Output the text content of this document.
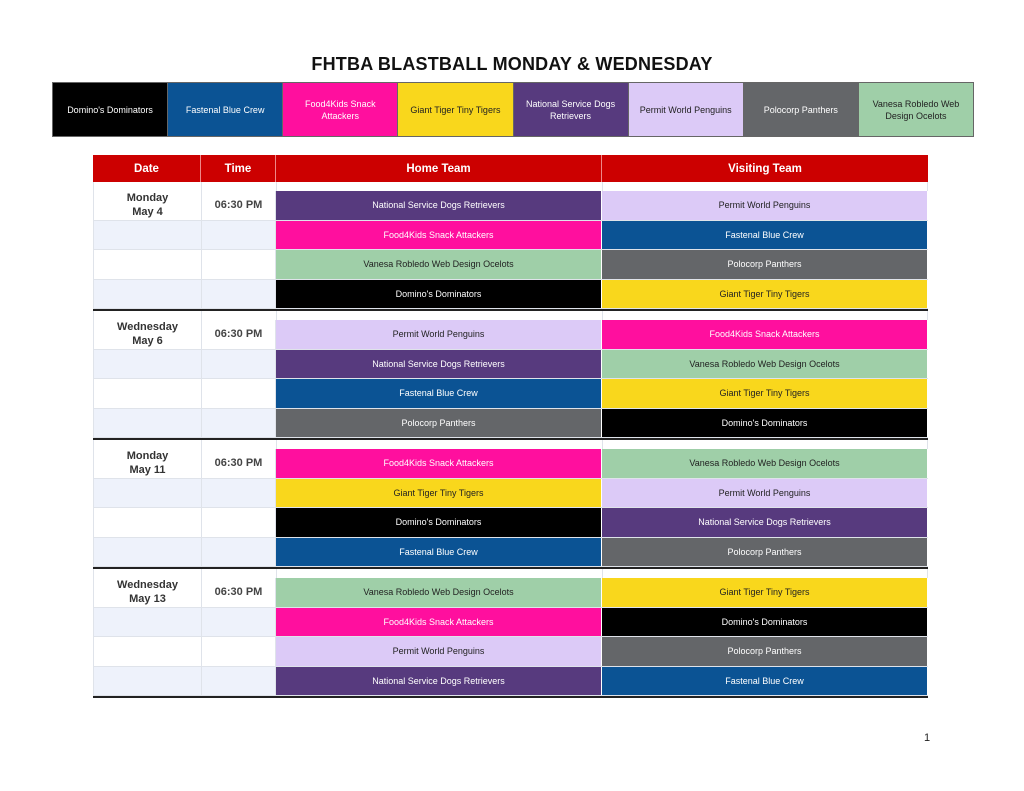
FHTBA BLASTBALL MONDAY & WEDNESDAY
Domino's Dominators	Fastenal Blue Crew
Food4Kids Snack Attackers
Giant Tiger Tiny Tigers
National Service Dogs Retrievers
Permit World Penguins	Polocorp Panthers
Vanesa Robledo Web Design Ocelots
Date	Time	Home Team	Visiting Team
Monday
May 4
06:30 PM	National Service Dogs Retrievers	Permit World Penguins
Food4Kids Snack Attackers	Fastenal Blue Crew
Vanesa Robledo Web Design Ocelots	Polocorp Panthers
Domino's Dominators	Giant Tiger Tiny Tigers
Wednesday
May 6
06:30 PM	Permit World Penguins	Food4Kids Snack Attackers
National Service Dogs Retrievers	Vanesa Robledo Web Design Ocelots
Fastenal Blue Crew	Giant Tiger Tiny Tigers
Polocorp Panthers	Domino's Dominators
Monday
May 11
06:30 PM	Food4Kids Snack Attackers	Vanesa Robledo Web Design Ocelots
Giant Tiger Tiny Tigers	Permit World Penguins
Domino's Dominators	National Service Dogs Retrievers
Fastenal Blue Crew	Polocorp Panthers
Wednesday
May 13
06:30 PM	Vanesa Robledo Web Design Ocelots	Giant Tiger Tiny Tigers
Food4Kids Snack Attackers	Domino's Dominators
Permit World Penguins	Polocorp Panthers
National Service Dogs Retrievers	Fastenal Blue Crew
1
